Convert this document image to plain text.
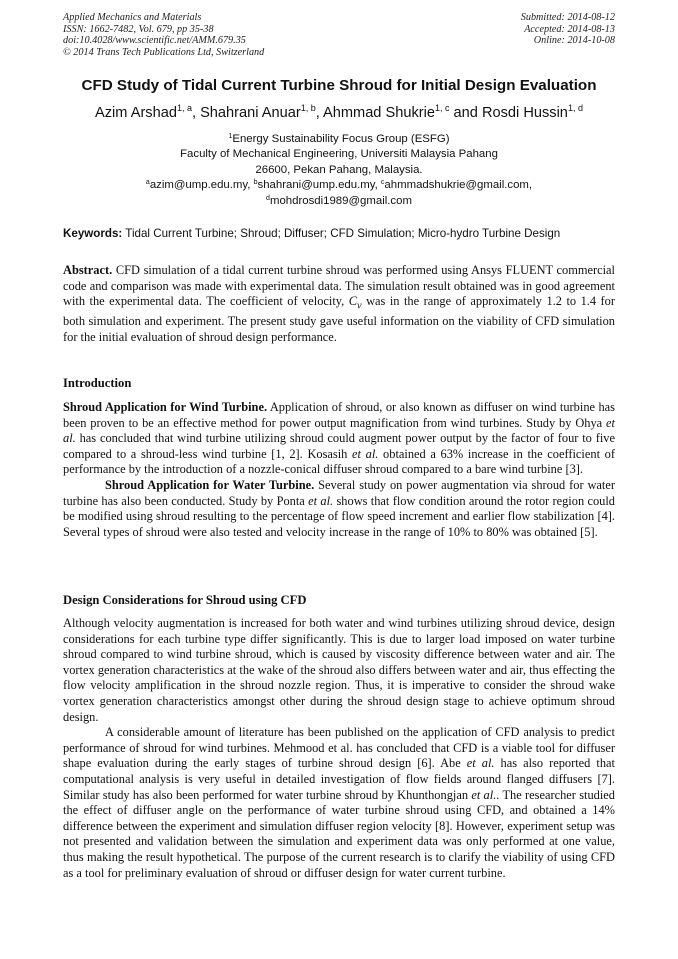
Applied Mechanics and Materials
ISSN: 1662-7482, Vol. 679, pp 35-38
doi:10.4028/www.scientific.net/AMM.679.35
© 2014 Trans Tech Publications Ltd, Switzerland
Submitted: 2014-08-12
Accepted: 2014-08-13
Online: 2014-10-08
CFD Study of Tidal Current Turbine Shroud for Initial Design Evaluation
Azim Arshad$^{1, a}$, Shahrani Anuar$^{1, b}$, Ahmmad Shukrie$^{1, c}$ and Rosdi Hussin$^{1, d}$
$^1$Energy Sustainability Focus Group (ESFG)
Faculty of Mechanical Engineering, Universiti Malaysia Pahang
26600, Pekan Pahang, Malaysia.
$^a$azim@ump.edu.my, $^b$shahrani@ump.edu.my, $^c$ahmmadshukrie@gmail.com,
$^d$mohdrosdi1989@gmail.com
Keywords: Tidal Current Turbine; Shroud; Diffuser; CFD Simulation; Micro-hydro Turbine Design

Abstract. CFD simulation of a tidal current turbine shroud was performed using Ansys FLUENT commercial code and comparison was made with experimental data. The simulation result obtained was in good agreement with the experimental data. The coefficient of velocity, $C_v$ was in the range of approximately 1.2 to 1.4 for both simulation and experiment. The present study gave useful information on the viability of CFD simulation for the initial evaluation of shroud design performance.

Introduction

Shroud Application for Wind Turbine. Application of shroud, or also known as diffuser on wind turbine has been proven to be an effective method for power output magnification from wind turbines. Study by Ohya et al. has concluded that wind turbine utilizing shroud could augment power output by the factor of four to five compared to a shroud-less wind turbine [1, 2]. Kosasih et al. obtained a 63% increase in the coefficient of performance by the introduction of a nozzle-conical diffuser shroud compared to a bare wind turbine [3].

Shroud Application for Water Turbine. Several study on power augmentation via shroud for water turbine has also been conducted. Study by Ponta et al. shows that flow condition around the rotor region could be modified using shroud resulting to the percentage of flow speed increment and earlier flow stabilization [4]. Several types of shroud were also tested and velocity increase in the range of 10% to 80% was obtained [5].

Design Considerations for Shroud using CFD

Although velocity augmentation is increased for both water and wind turbines utilizing shroud device, design considerations for each turbine type differ significantly. This is due to larger load imposed on water turbine shroud compared to wind turbine shroud, which is caused by viscosity difference between water and air. The vortex generation characteristics at the wake of the shroud also differs between water and air, thus effecting the flow velocity amplification in the shroud nozzle region. Thus, it is imperative to consider the shroud wake vortex generation characteristics amongst other during the shroud design stage to achieve optimum shroud design.

A considerable amount of literature has been published on the application of CFD analysis to predict performance of shroud for wind turbines. Mehmood et al. has concluded that CFD is a viable tool for diffuser shape evaluation during the early stages of turbine shroud design [6]. Abe et al. has also reported that computational analysis is very useful in detailed investigation of flow fields around flanged diffusers [7]. Similar study has also been performed for water turbine shroud by Khunthongjan et al.. The researcher studied the effect of diffuser angle on the performance of water turbine shroud using CFD, and obtained a 14% difference between the experiment and simulation diffuser region velocity [8]. However, experiment setup was not presented and validation between the simulation and experiment data was only performed at one value, thus making the result hypothetical. The purpose of the current research is to clarify the viability of using CFD as a tool for preliminary evaluation of shroud or diffuser design for water current turbine.
